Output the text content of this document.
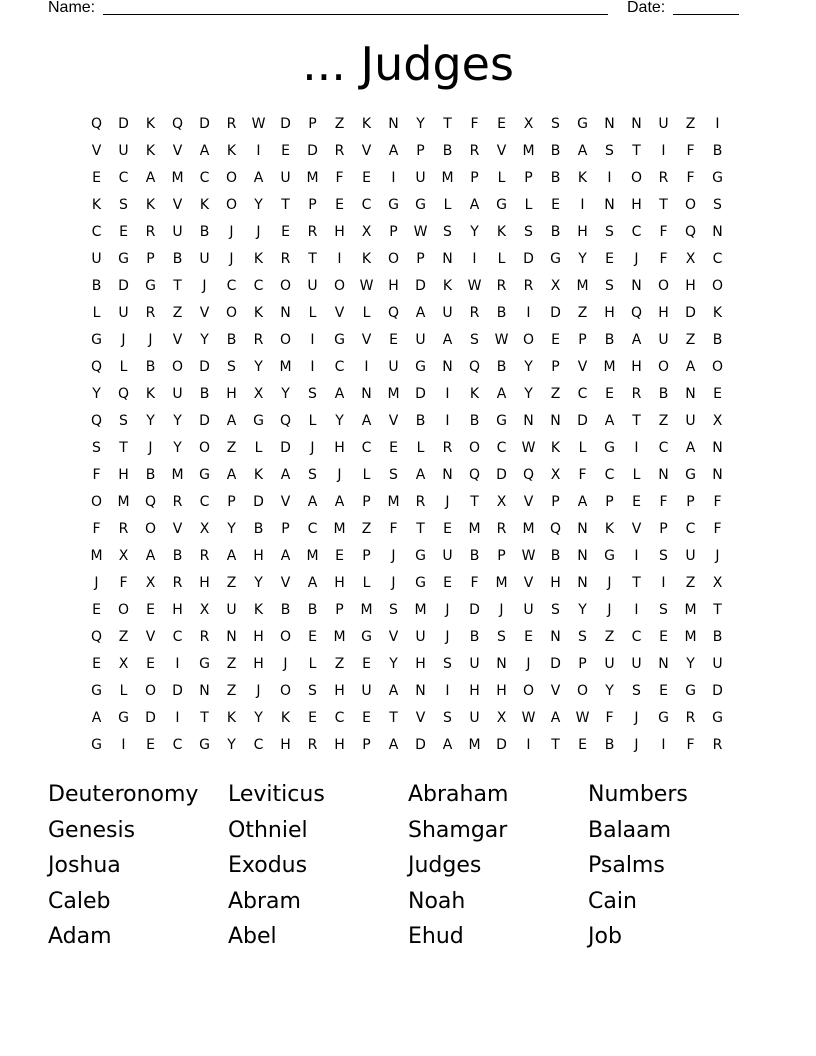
Name:	Date:
... Judges
Q	D	K	Q	D	R	W	D	P	Z	K	N	Y	T	F	E	X	S	G	N	N	U	Z	I
V	U	K	V	A	K	I	E	D	R	V	A	P	B	R	V	M	B	A	S	T	I	F	B
E	C	A	M	C	O	A	U	M	F	E	I	U	M	P	L	P	B	K	I	O	R	F	G
K	S	K	V	K	O	Y	T	P	E	C	G	G	L	A	G	L	E	I	N	H	T	O	S
C	E	R	U	B	J	J	E	R	H	X	P	W	S	Y	K	S	B	H	S	C	F	Q	N
U	G	P	B	U	J	K	R	T	I	K	O	P	N	I	L	D	G	Y	E	J	F	X	C
B	D	G	T	J	C	C	O	U	O	W	H	D	K	W	R	R	X	M	S	N	O	H	O
L	U	R	Z	V	O	K	N	L	V	L	Q	A	U	R	B	I	D	Z	H	Q	H	D	K
G	J	J	V	Y	B	R	O	I	G	V	E	U	A	S	W	O	E	P	B	A	U	Z	B
Q	L	B	O	D	S	Y	M	I	C	I	U	G	N	Q	B	Y	P	V	M	H	O	A	O
Y	Q	K	U	B	H	X	Y	S	A	N	M	D	I	K	A	Y	Z	C	E	R	B	N	E
Q	S	Y	Y	D	A	G	Q	L	Y	A	V	B	I	B	G	N	N	D	A	T	Z	U	X
S	T	J	Y	O	Z	L	D	J	H	C	E	L	R	O	C	W	K	L	G	I	C	A	N
F	H	B	M	G	A	K	A	S	J	L	S	A	N	Q	D	Q	X	F	C	L	N	G	N
O	M	Q	R	C	P	D	V	A	A	P	M	R	J	T	X	V	P	A	P	E	F	P	F
F	R	O	V	X	Y	B	P	C	M	Z	F	T	E	M	R	M	Q	N	K	V	P	C	F
M	X	A	B	R	A	H	A	M	E	P	J	G	U	B	P	W	B	N	G	I	S	U	J
J	F	X	R	H	Z	Y	V	A	H	L	J	G	E	F	M	V	H	N	J	T	I	Z	X
E	O	E	H	X	U	K	B	B	P	M	S	M	J	D	J	U	S	Y	J	I	S	M	T
Q	Z	V	C	R	N	H	O	E	M	G	V	U	J	B	S	E	N	S	Z	C	E	M	B
E	X	E	I	G	Z	H	J	L	Z	E	Y	H	S	U	N	J	D	P	U	U	N	Y	U
G	L	O	D	N	Z	J	O	S	H	U	A	N	I	H	H	O	V	O	Y	S	E	G	D
A	G	D	I	T	K	Y	K	E	C	E	T	V	S	U	X	W	A	W	F	J	G	R	G
G	I	E	C	G	Y	C	H	R	H	P	A	D	A	M	D	I	T	E	B	J	I	F	R
Deuteronomy	Leviticus	Abraham	Numbers
Genesis	Othniel	Shamgar	Balaam
Joshua	Exodus	Judges	Psalms
Caleb	Abram	Noah	Cain
Adam	Abel	Ehud	Job
